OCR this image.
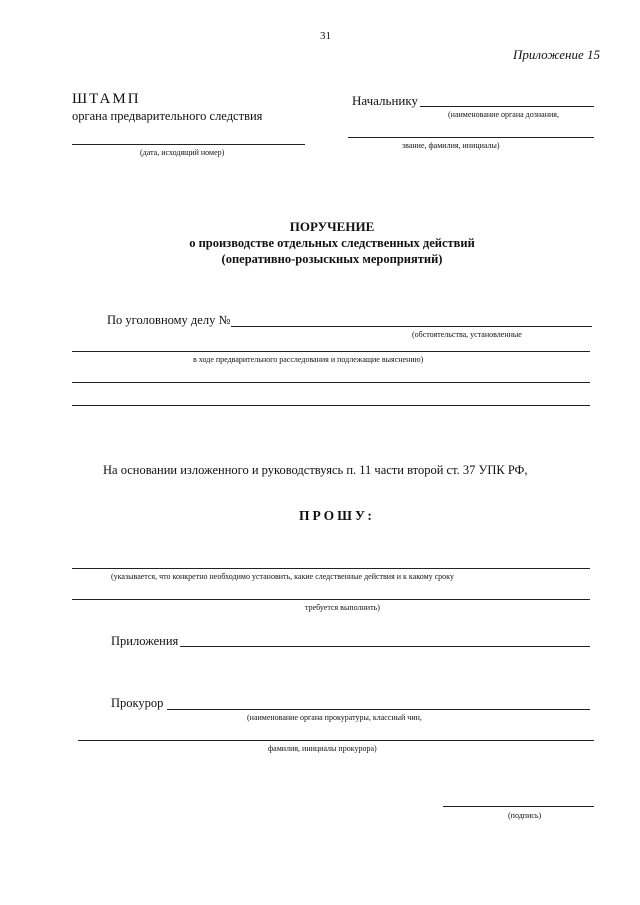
31
Приложение 15
ШТАМП
органа предварительного следствия
(дата, исходящий номер)
Начальнику
(наименование органа дознания,
звание, фамилия, инициалы)
ПОРУЧЕНИЕ
о производстве отдельных следственных действий
(оперативно-розыскных мероприятий)
По уголовному делу №
(обстоятельства, установленные
в ходе предварительного расследования и подлежащие выяснению)
На основании изложенного и руководствуясь п. 11 части второй ст. 37 УПК РФ,
ПРОШУ:
(указывается, что конкретно необходимо установить, какие следственные действия и к какому сроку
требуется выполнить)
Приложения
Прокурор
(наименование органа прокуратуры, классный чин,
фамилия, инициалы прокурора)
(подпись)
